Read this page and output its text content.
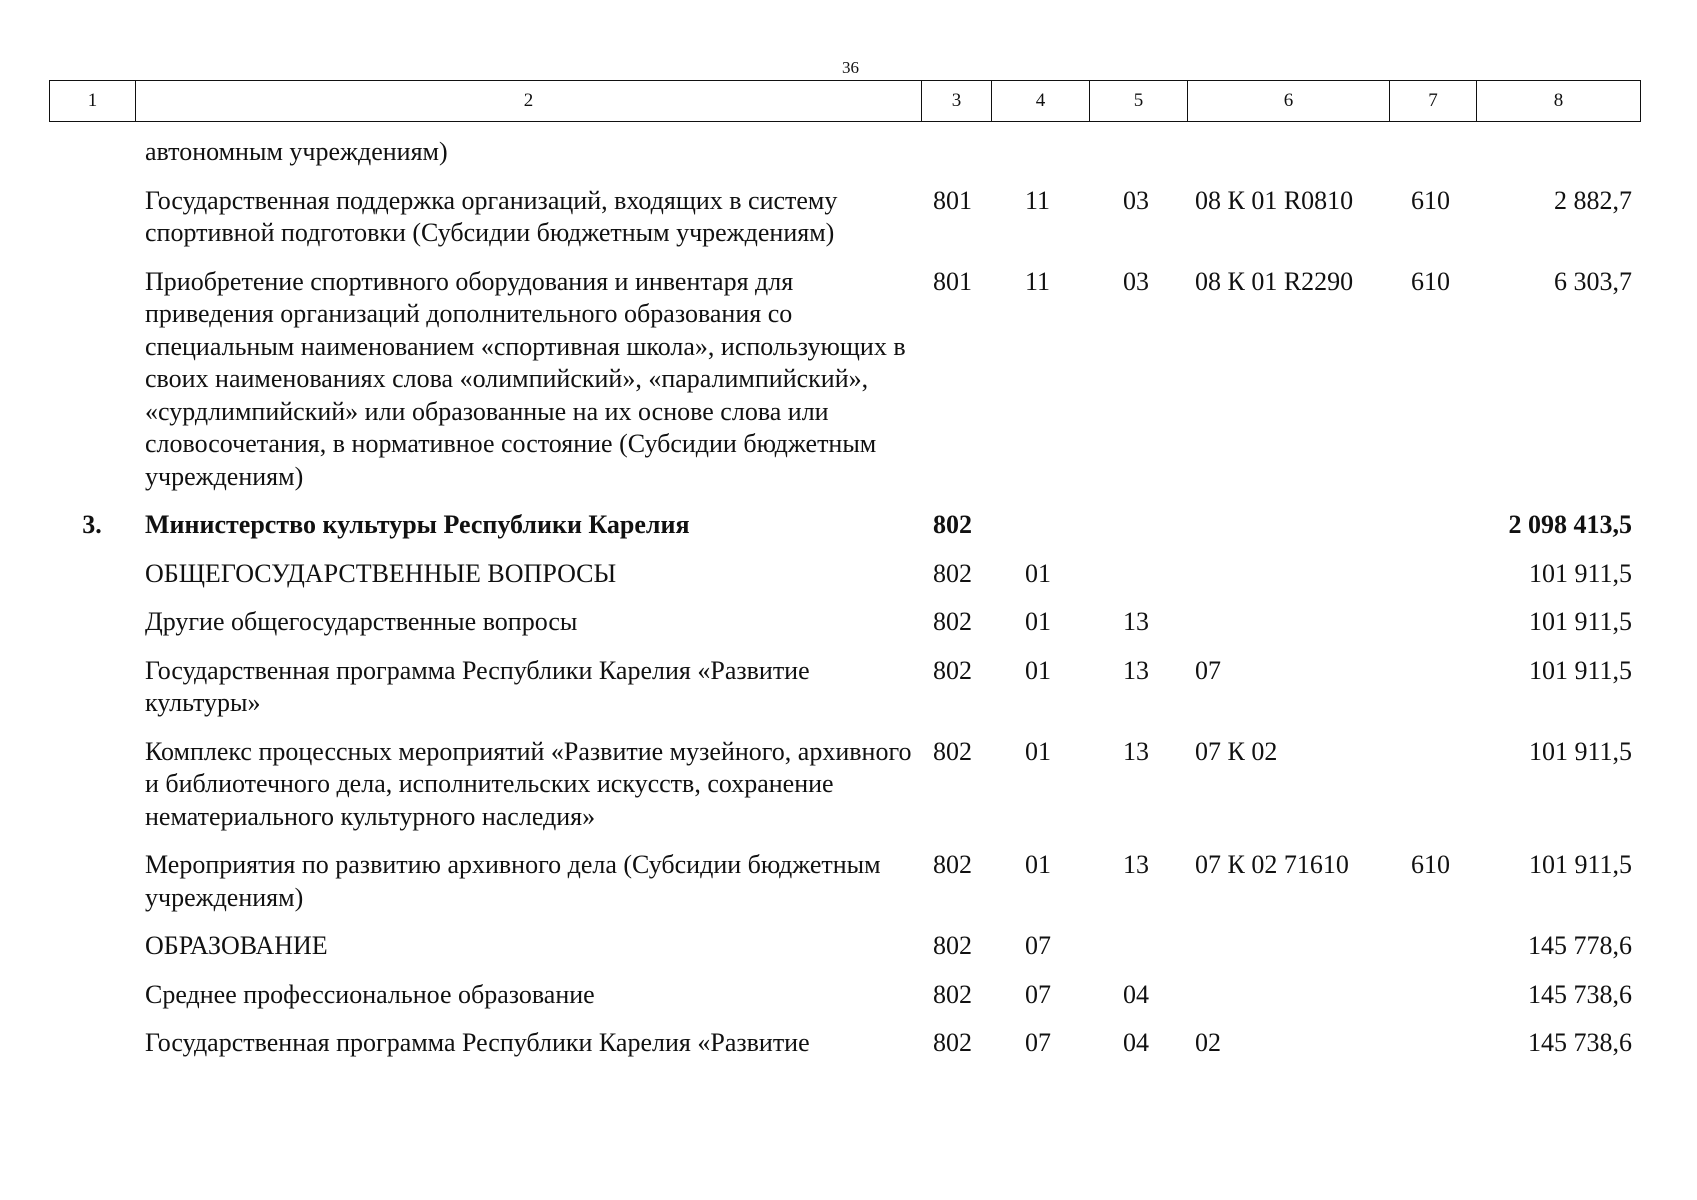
36
1	2	3	4	5	6	7	8
	автономным учреждениям)						
	Государственная поддержка организаций, входящих в систему спортивной подготовки (Субсидии бюджетным учреждениям)	801	11	03	08 К 01 R0810	610	2 882,7
	Приобретение спортивного оборудования и инвентаря для приведения организаций дополнительного образования со специальным наименованием «спортивная школа», использующих в своих наименованиях слова «олимпийский», «паралимпийский», «сурдлимпийский» или образованные на их основе слова или словосочетания, в нормативное состояние (Субсидии бюджетным учреждениям)	801	11	03	08 К 01 R2290	610	6 303,7
3.	Министерство культуры Республики Карелия	802					2 098 413,5
	ОБЩЕГОСУДАРСТВЕННЫЕ ВОПРОСЫ	802	01				101 911,5
	Другие общегосударственные вопросы	802	01	13			101 911,5
	Государственная программа Республики Карелия «Развитие культуры»	802	01	13	07		101 911,5
	Комплекс процессных мероприятий «Развитие музейного, архивного и библиотечного дела, исполнительских искусств, сохранение нематериального культурного наследия»	802	01	13	07 К 02		101 911,5
	Мероприятия по развитию архивного дела (Субсидии бюджетным учреждениям)	802	01	13	07 К 02 71610	610	101 911,5
	ОБРАЗОВАНИЕ	802	07				145 778,6
	Среднее профессиональное образование	802	07	04			145 738,6
	Государственная программа Республики Карелия «Развитие	802	07	04	02		145 738,6
